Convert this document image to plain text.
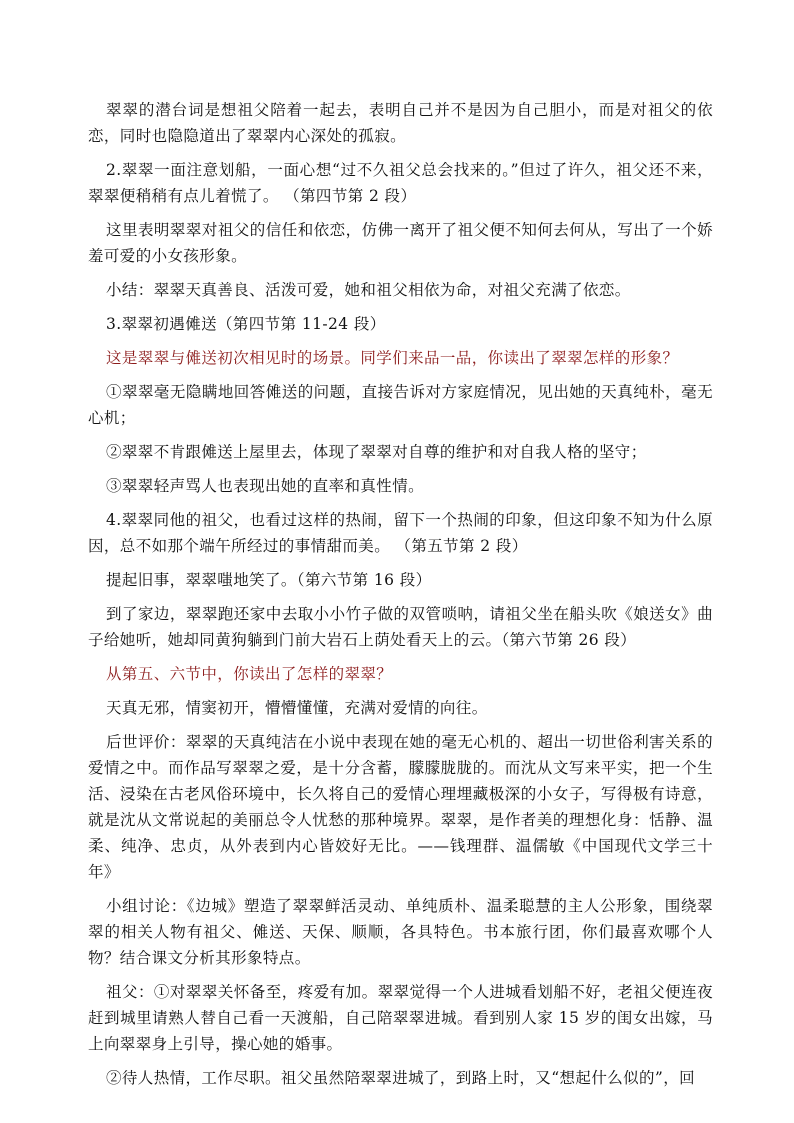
翠翠的潜台词是想祖父陪着一起去，表明自己并不是因为自己胆小，而是对祖父的依恋，同时也隐隐道出了翠翠内心深处的孤寂。

2.翠翠一面注意划船，一面心想“过不久祖父总会找来的。”但过了许久，祖父还不来，翠翠便稍稍有点儿着慌了。 （第四节第 2 段）

这里表明翠翠对祖父的信任和依恋，仿佛一离开了祖父便不知何去何从，写出了一个娇羞可爱的小女孩形象。

小结：翠翠天真善良、活泼可爱，她和祖父相依为命，对祖父充满了依恋。

3.翠翠初遇傩送（第四节第 11-24 段）

这是翠翠与傩送初次相见时的场景。同学们来品一品，你读出了翠翠怎样的形象？

①翠翠毫无隐瞒地回答傩送的问题，直接告诉对方家庭情况，见出她的天真纯朴，毫无心机；

②翠翠不肯跟傩送上屋里去，体现了翠翠对自尊的维护和对自我人格的坚守；

③翠翠轻声骂人也表现出她的直率和真性情。

4.翠翠同他的祖父，也看过这样的热闹，留下一个热闹的印象，但这印象不知为什么原因，总不如那个端午所经过的事情甜而美。 （第五节第 2 段）

提起旧事，翠翠嗤地笑了。（第六节第 16 段）

到了家边，翠翠跑还家中去取小小竹子做的双管唢呐，请祖父坐在船头吹《娘送女》曲子给她听，她却同黄狗躺到门前大岩石上荫处看天上的云。（第六节第 26 段）

从第五、六节中，你读出了怎样的翠翠？

天真无邪，情窦初开，懵懵懂懂，充满对爱情的向往。

后世评价：翠翠的天真纯洁在小说中表现在她的毫无心机的、超出一切世俗利害关系的爱情之中。而作品写翠翠之爱，是十分含蓄，朦朦胧胧的。而沈从文写来平实，把一个生活、浸染在古老风俗环境中，长久将自己的爱情心理埋藏极深的小女子，写得极有诗意，就是沈从文常说起的美丽总令人忧愁的那种境界。翠翠，是作者美的理想化身：恬静、温柔、纯净、忠贞，从外表到内心皆姣好无比。——钱理群、温儒敏《中国现代文学三十年》

小组讨论：《边城》塑造了翠翠鲜活灵动、单纯质朴、温柔聪慧的主人公形象，围绕翠翠的相关人物有祖父、傩送、天保、顺顺，各具特色。书本旅行团，你们最喜欢哪个人物？结合课文分析其形象特点。

祖父：①对翠翠关怀备至，疼爱有加。翠翠觉得一个人进城看划船不好，老祖父便连夜赶到城里请熟人替自己看一天渡船，自己陪翠翠进城。看到别人家 15 岁的闺女出嫁，马上向翠翠身上引导，操心她的婚事。

②待人热情，工作尽职。祖父虽然陪翠翠进城了，到路上时，又“想起什么似的”，回
